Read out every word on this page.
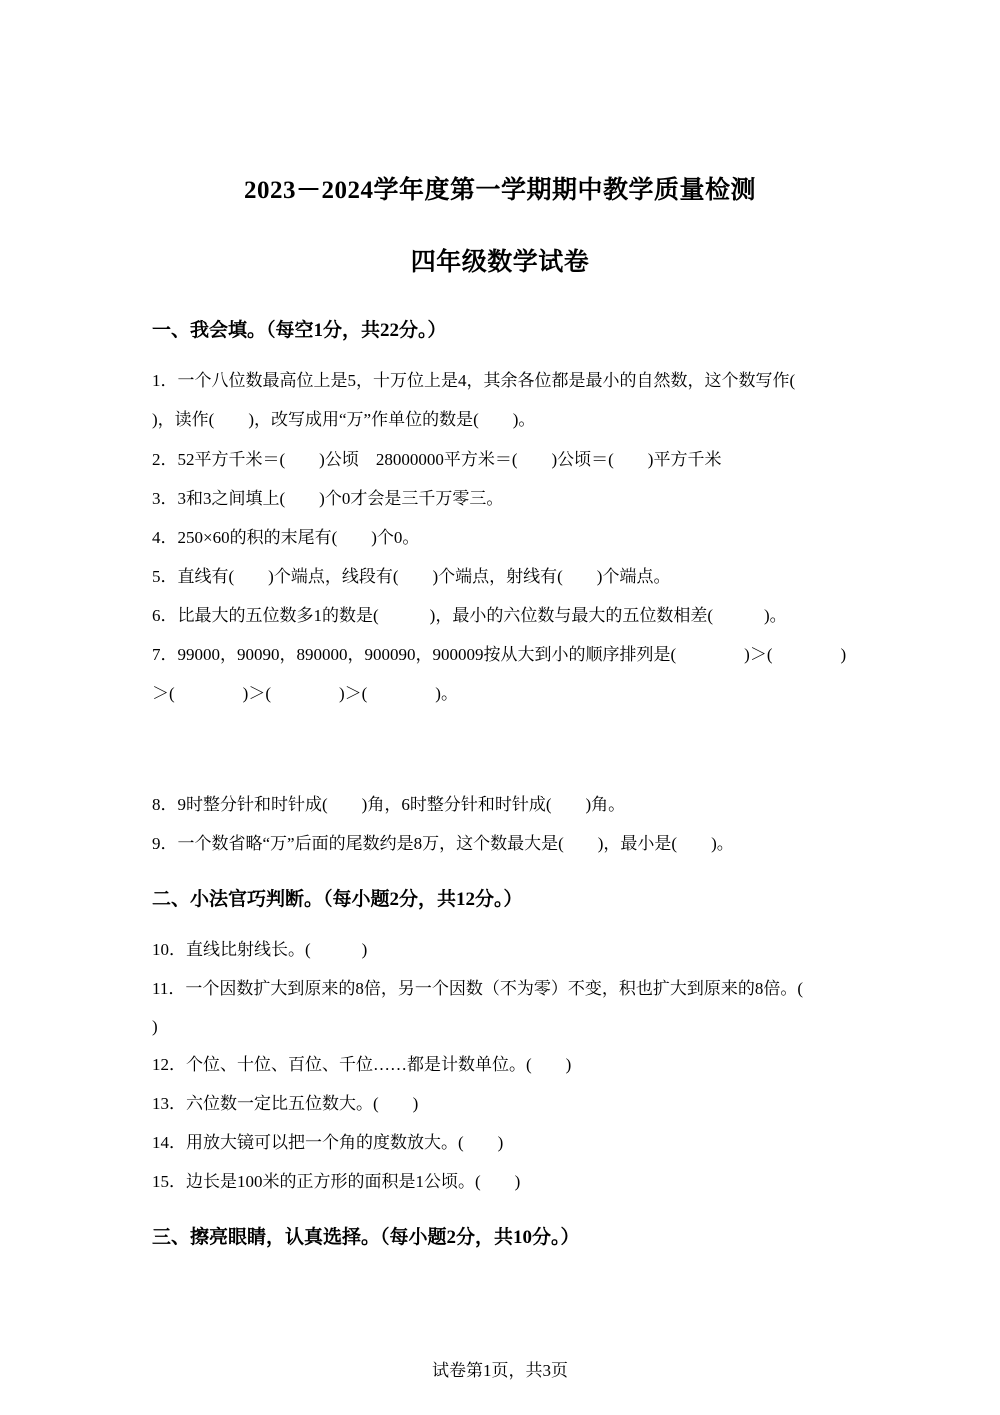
2023－2024学年度第一学期期中教学质量检测
四年级数学试卷
一、我会填。（每空1分，共22分。）
1．一个八位数最高位上是5，十万位上是4，其余各位都是最小的自然数，这个数写作(
)，读作(　　)，改写成用“万”作单位的数是(　　)。
2．52平方千米＝(　　)公顷　28000000平方米＝(　　)公顷＝(　　)平方千米
3．3和3之间填上(　　)个0才会是三千万零三。
4．250×60的积的末尾有(　　)个0。
5．直线有(　　)个端点，线段有(　　)个端点，射线有(　　)个端点。
6．比最大的五位数多1的数是(　　　)，最小的六位数与最大的五位数相差(　　　)。
7．99000，90090，890000，900090，900009按从大到小的顺序排列是(　　　　)＞(　　　　)
＞(　　　　)＞(　　　　)＞(　　　　)。
8．9时整分针和时针成(　　)角，6时整分针和时针成(　　)角。
9．一个数省略“万”后面的尾数约是8万，这个数最大是(　　)，最小是(　　)。
二、小法官巧判断。（每小题2分，共12分。）
10．直线比射线长。(　　　)
11．一个因数扩大到原来的8倍，另一个因数（不为零）不变，积也扩大到原来的8倍。(
)
12．个位、十位、百位、千位……都是计数单位。(　　)
13．六位数一定比五位数大。(　　)
14．用放大镜可以把一个角的度数放大。(　　)
15．边长是100米的正方形的面积是1公顷。(　　)
三、擦亮眼睛，认真选择。（每小题2分，共10分。）
试卷第1页，共3页
